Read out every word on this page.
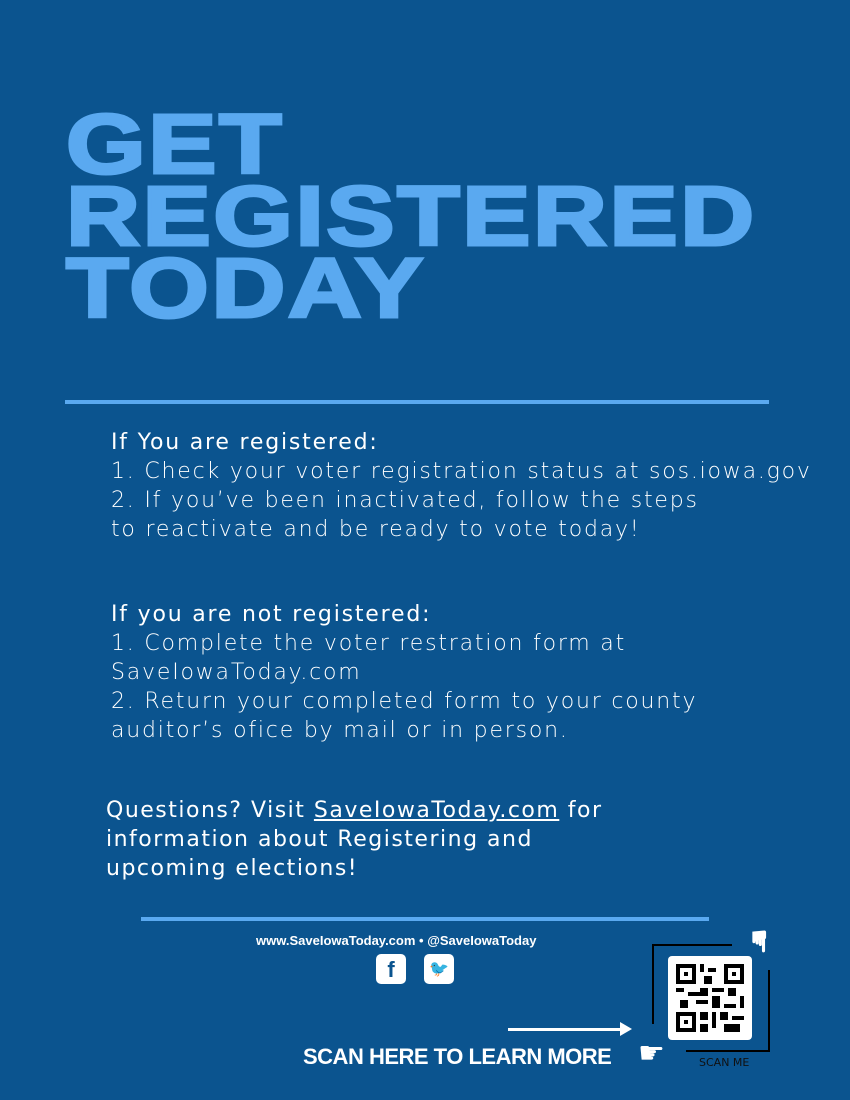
GET
REGISTERED
TODAY
If You are registered:
1. Check your voter registration status at sos.iowa.gov
2. If you’ve been inactivated, follow the steps to reactivate and be ready to vote today!
If you are not registered:
1. Complete the voter restration form at SaveIowaToday.com
2. Return your completed form to your county auditor’s ofice by mail or in person.
Questions? Visit SaveIowaToday.com for information about Registering and upcoming elections!
www.SaveIowaToday.com • @SaveIowaToday
f	🐦
SCAN HERE TO LEARN MORE ☛
☛
SCAN ME
